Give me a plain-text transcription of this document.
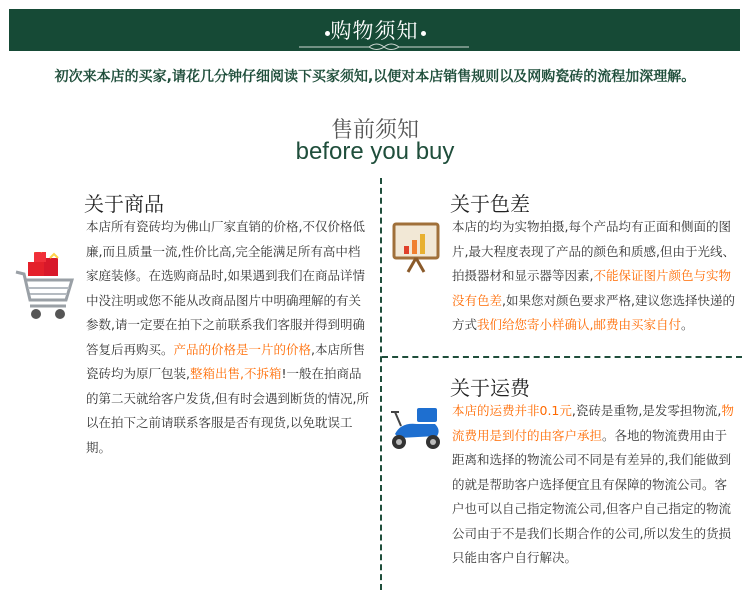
购物须知
初次来本店的买家,请花几分钟仔细阅读下买家须知,以便对本店销售规则以及网购瓷砖的流程加深理解。
售前须知
before you buy
关于商品
本店所有瓷砖均为佛山厂家直销的价格,不仅价格低廉,而且质量一流,性价比高,完全能满足所有高中档家庭装修。在选购商品时,如果遇到我们在商品详情中没注明或您不能从改商品图片中明确理解的有关参数,请一定要在拍下之前联系我们客服并得到明确答复后再购买。产品的价格是一片的价格,本店所售瓷砖均为原厂包装,整箱出售,不拆箱!一般在拍商品的第二天就给客户发货,但有时会遇到断货的情况,所以在拍下之前请联系客服是否有现货,以免耽误工期。
关于色差
本店的均为实物拍摄,每个产品均有正面和侧面的图片,最大程度表现了产品的颜色和质感,但由于光线、拍摄器材和显示器等因素,不能保证图片颜色与实物没有色差,如果您对颜色要求严格,建议您选择快递的方式我们给您寄小样确认,邮费由买家自付。
关于运费
本店的运费并非0.1元,瓷砖是重物,是发零担物流,物流费用是到付的由客户承担。各地的物流费用由于距离和选择的物流公司不同是有差异的,我们能做到的就是帮助客户选择便宜且有保障的物流公司。客户也可以自己指定物流公司,但客户自己指定的物流公司由于不是我们长期合作的公司,所以发生的货损只能由客户自行解决。
